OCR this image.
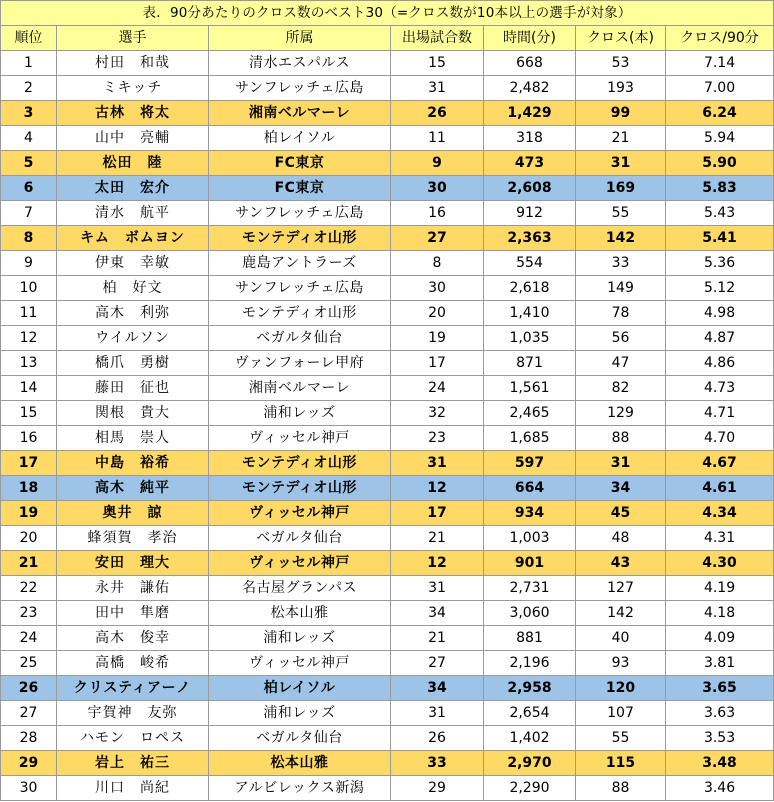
表．90分あたりのクロス数のベスト30（=クロス数が10本以上の選手が対象）						
順位	選手	所属	出場試合数	時間(分)	クロス(本)	クロス/90分
1	村田　和哉	清水エスパルス	15	668	53	7.14
2	ミキッチ	サンフレッチェ広島	31	2,482	193	7.00
3	古林　将太	湘南ベルマーレ	26	1,429	99	6.24
4	山中　亮輔	柏レイソル	11	318	21	5.94
5	松田　陸	FC東京	9	473	31	5.90
6	太田　宏介	FC東京	30	2,608	169	5.83
7	清水　航平	サンフレッチェ広島	16	912	55	5.43
8	キム　ボムヨン	モンテディオ山形	27	2,363	142	5.41
9	伊東　幸敏	鹿島アントラーズ	8	554	33	5.36
10	柏　好文	サンフレッチェ広島	30	2,618	149	5.12
11	高木　利弥	モンテディオ山形	20	1,410	78	4.98
12	ウイルソン	ベガルタ仙台	19	1,035	56	4.87
13	橋爪　勇樹	ヴァンフォーレ甲府	17	871	47	4.86
14	藤田　征也	湘南ベルマーレ	24	1,561	82	4.73
15	関根　貴大	浦和レッズ	32	2,465	129	4.71
16	相馬　崇人	ヴィッセル神戸	23	1,685	88	4.70
17	中島　裕希	モンテディオ山形	31	597	31	4.67
18	高木　純平	モンテディオ山形	12	664	34	4.61
19	奥井　諒	ヴィッセル神戸	17	934	45	4.34
20	蜂須賀　孝治	ベガルタ仙台	21	1,003	48	4.31
21	安田　理大	ヴィッセル神戸	12	901	43	4.30
22	永井　謙佑	名古屋グランパス	31	2,731	127	4.19
23	田中　隼磨	松本山雅	34	3,060	142	4.18
24	高木　俊幸	浦和レッズ	21	881	40	4.09
25	高橋　峻希	ヴィッセル神戸	27	2,196	93	3.81
26	クリスティアーノ	柏レイソル	34	2,958	120	3.65
27	宇賀神　友弥	浦和レッズ	31	2,654	107	3.63
28	ハモン　ロペス	ベガルタ仙台	26	1,402	55	3.53
29	岩上　祐三	松本山雅	33	2,970	115	3.48
30	川口　尚紀	アルビレックス新潟	29	2,290	88	3.46
